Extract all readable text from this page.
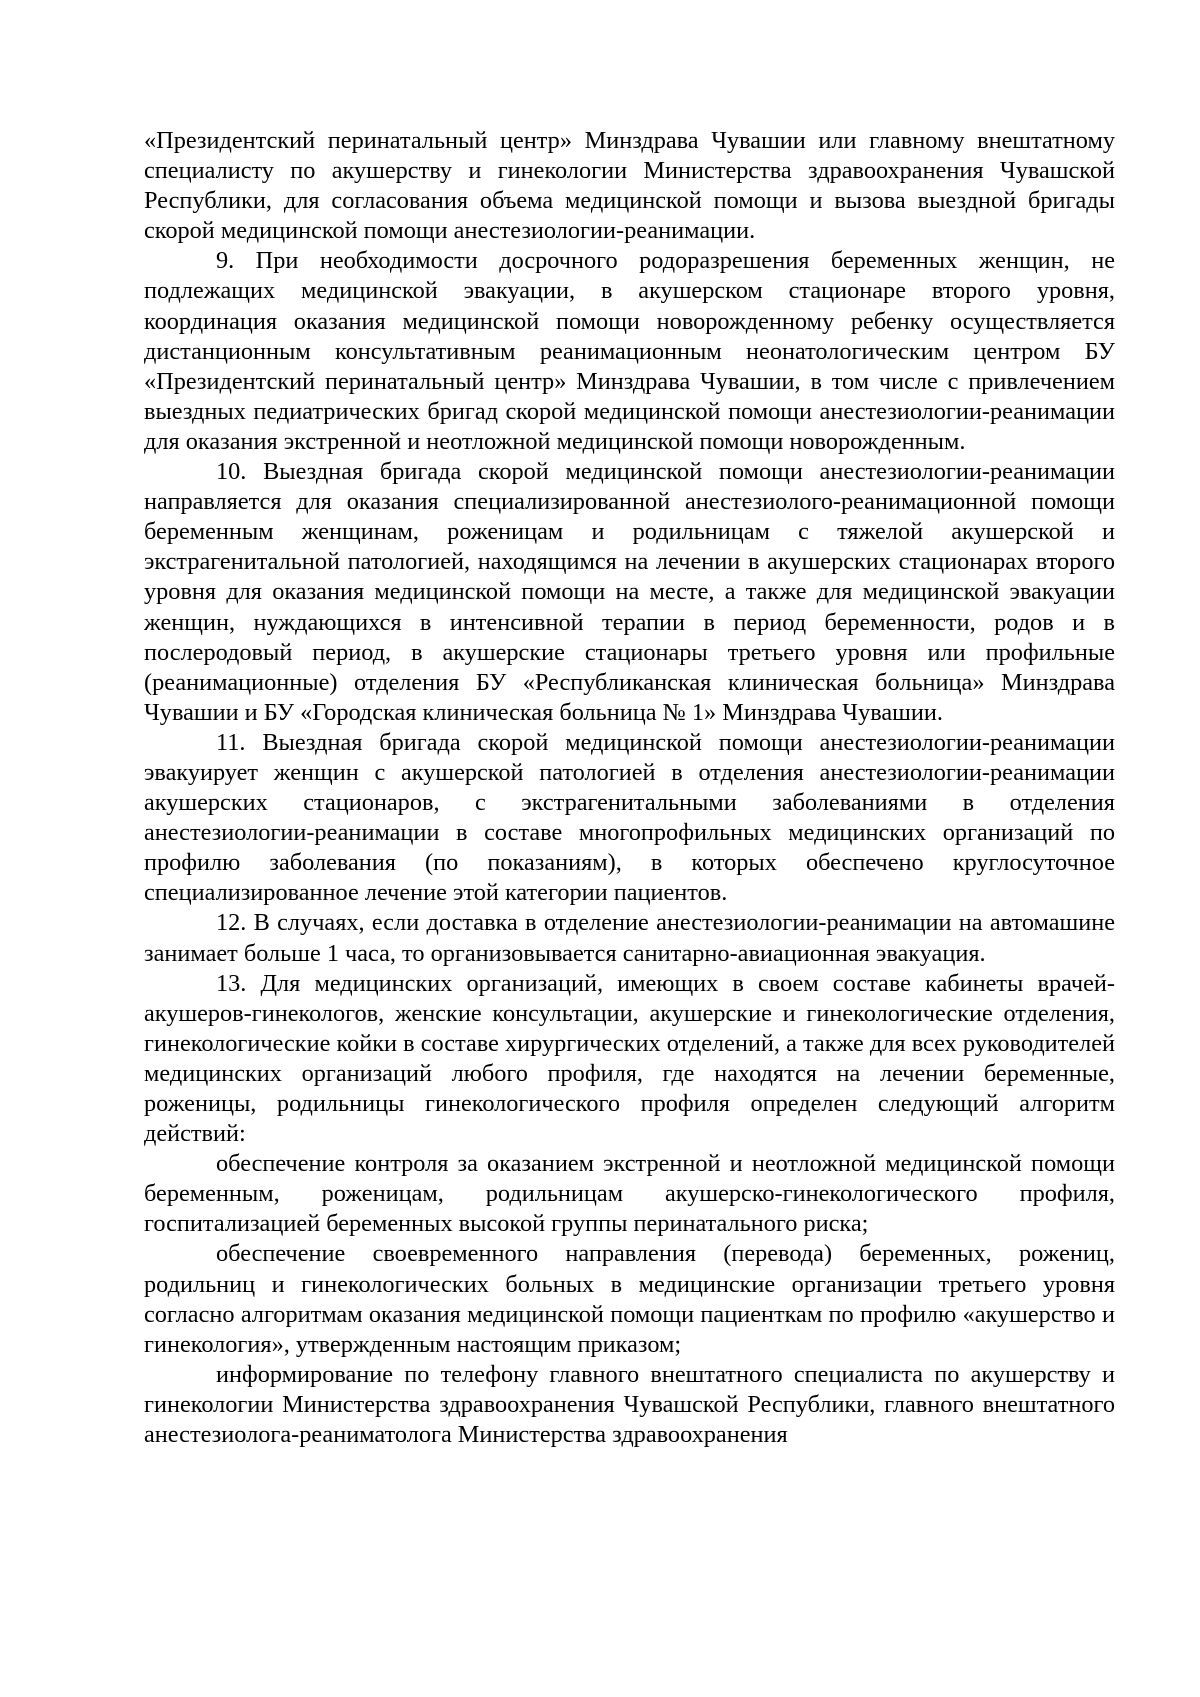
«Президентский перинатальный центр» Минздрава Чувашии или главному внештатному специалисту по акушерству и гинекологии Министерства здравоохранения Чувашской Республики, для согласования объема медицинской помощи и вызова выездной бригады скорой медицинской помощи анестезиологии-реанимации.

9. При необходимости досрочного родоразрешения беременных женщин, не подлежащих медицинской эвакуации, в акушерском стационаре второго уровня, координация оказания медицинской помощи новорожденному ребенку осуществляется дистанционным консультативным реанимационным неонатологическим центром БУ «Президентский перинатальный центр» Минздрава Чувашии, в том числе с привлечением выездных педиатрических бригад скорой медицинской помощи анестезиологии-реанимации для оказания экстренной и неотложной медицинской помощи новорожденным.

10. Выездная бригада скорой медицинской помощи анестезиологии-реанимации направляется для оказания специализированной анестезиолого-реанимационной помощи беременным женщинам, роженицам и родильницам с тяжелой акушерской и экстрагенитальной патологией, находящимся на лечении в акушерских стационарах второго уровня для оказания медицинской помощи на месте, а также для медицинской эвакуации женщин, нуждающихся в интенсивной терапии в период беременности, родов и в послеродовый период, в акушерские стационары третьего уровня или профильные (реанимационные) отделения БУ «Республиканская клиническая больница» Минздрава Чувашии и БУ «Городская клиническая больница № 1» Минздрава Чувашии.

11. Выездная бригада скорой медицинской помощи анестезиологии-реанимации эвакуирует женщин с акушерской патологией в отделения анестезиологии-реанимации акушерских стационаров, с экстрагенитальными заболеваниями в отделения анестезиологии-реанимации в составе многопрофильных медицинских организаций по профилю заболевания (по показаниям), в которых обеспечено круглосуточное специализированное лечение этой категории пациентов.

12. В случаях, если доставка в отделение анестезиологии-реанимации на автомашине занимает больше 1 часа, то организовывается санитарно-авиационная эвакуация.

13. Для медицинских организаций, имеющих в своем составе кабинеты врачей-акушеров-гинекологов, женские консультации, акушерские и гинекологические отделения, гинекологические койки в составе хирургических отделений, а также для всех руководителей медицинских организаций любого профиля, где находятся на лечении беременные, роженицы, родильницы гинекологического профиля определен следующий алгоритм действий:

обеспечение контроля за оказанием экстренной и неотложной медицинской помощи беременным, роженицам, родильницам акушерско-гинекологического профиля, госпитализацией беременных высокой группы перинатального риска;

обеспечение своевременного направления (перевода) беременных, рожениц, родильниц и гинекологических больных в медицинские организации третьего уровня согласно алгоритмам оказания медицинской помощи пациенткам по профилю «акушерство и гинекология», утвержденным настоящим приказом;

информирование по телефону главного внештатного специалиста по акушерству и гинекологии Министерства здравоохранения Чувашской Республики, главного внештатного анестезиолога-реаниматолога Министерства здравоохранения
